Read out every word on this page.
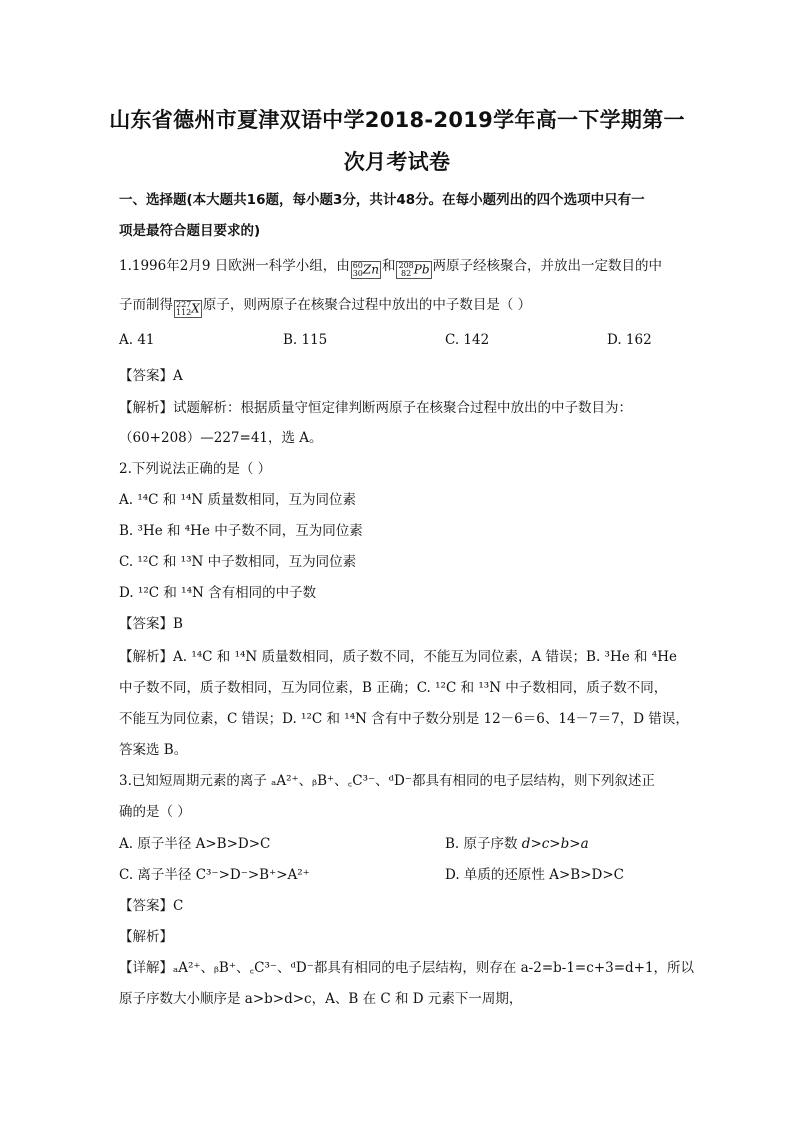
山东省德州市夏津双语中学2018-2019学年高一下学期第一
次月考试卷
一、选择题(本大题共16题，每小题3分，共计48分。在每小题列出的四个选项中只有一
项是最符合题目要求的)
1.1996年2月9 日欧洲一科学小组，由 60
30 Zn 和 208
82 Pb 两原子经核聚合，并放出一定数目的中
子而制得 227
112 X 原子，则两原子在核聚合过程中放出的中子数目是（ ）
A. 41	B. 115	C. 142	D. 162
【答案】A
【解析】试题解析：根据质量守恒定律判断两原子在核聚合过程中放出的中子数目为：
（60+208）—227=41，选 A。
2.下列说法正确的是（ ）
A. ¹⁴C 和 ¹⁴N 质量数相同，互为同位素
B. ³He 和 ⁴He 中子数不同，互为同位素
C. ¹²C 和 ¹³N 中子数相同，互为同位素
D. ¹²C 和 ¹⁴N 含有相同的中子数
【答案】B
【解析】A. ¹⁴C 和 ¹⁴N 质量数相同，质子数不同，不能互为同位素，A 错误；B. ³He 和 ⁴He
中子数不同，质子数相同，互为同位素，B 正确；C. ¹²C 和 ¹³N 中子数相同，质子数不同，
不能互为同位素，C 错误；D. ¹²C 和 ¹⁴N 含有中子数分别是 12－6＝6、14－7＝7，D 错误，
答案选 B。
3.已知短周期元素的离子 ₐA²⁺、ᵦB⁺、꜀C³⁻、ᵈD⁻都具有相同的电子层结构，则下列叙述正
确的是（ ）
A. 原子半径 A>B>D>C	B. 原子序数 d>c>b>a
C. 离子半径 C³⁻>D⁻>B⁺>A²⁺	D. 单质的还原性 A>B>D>C
【答案】C
【解析】
【详解】ₐA²⁺、ᵦB⁺、꜀C³⁻、ᵈD⁻都具有相同的电子层结构，则存在 a-2=b-1=c+3=d+1，所以
原子序数大小顺序是 a>b>d>c，A、B 在 C 和 D 元素下一周期，
